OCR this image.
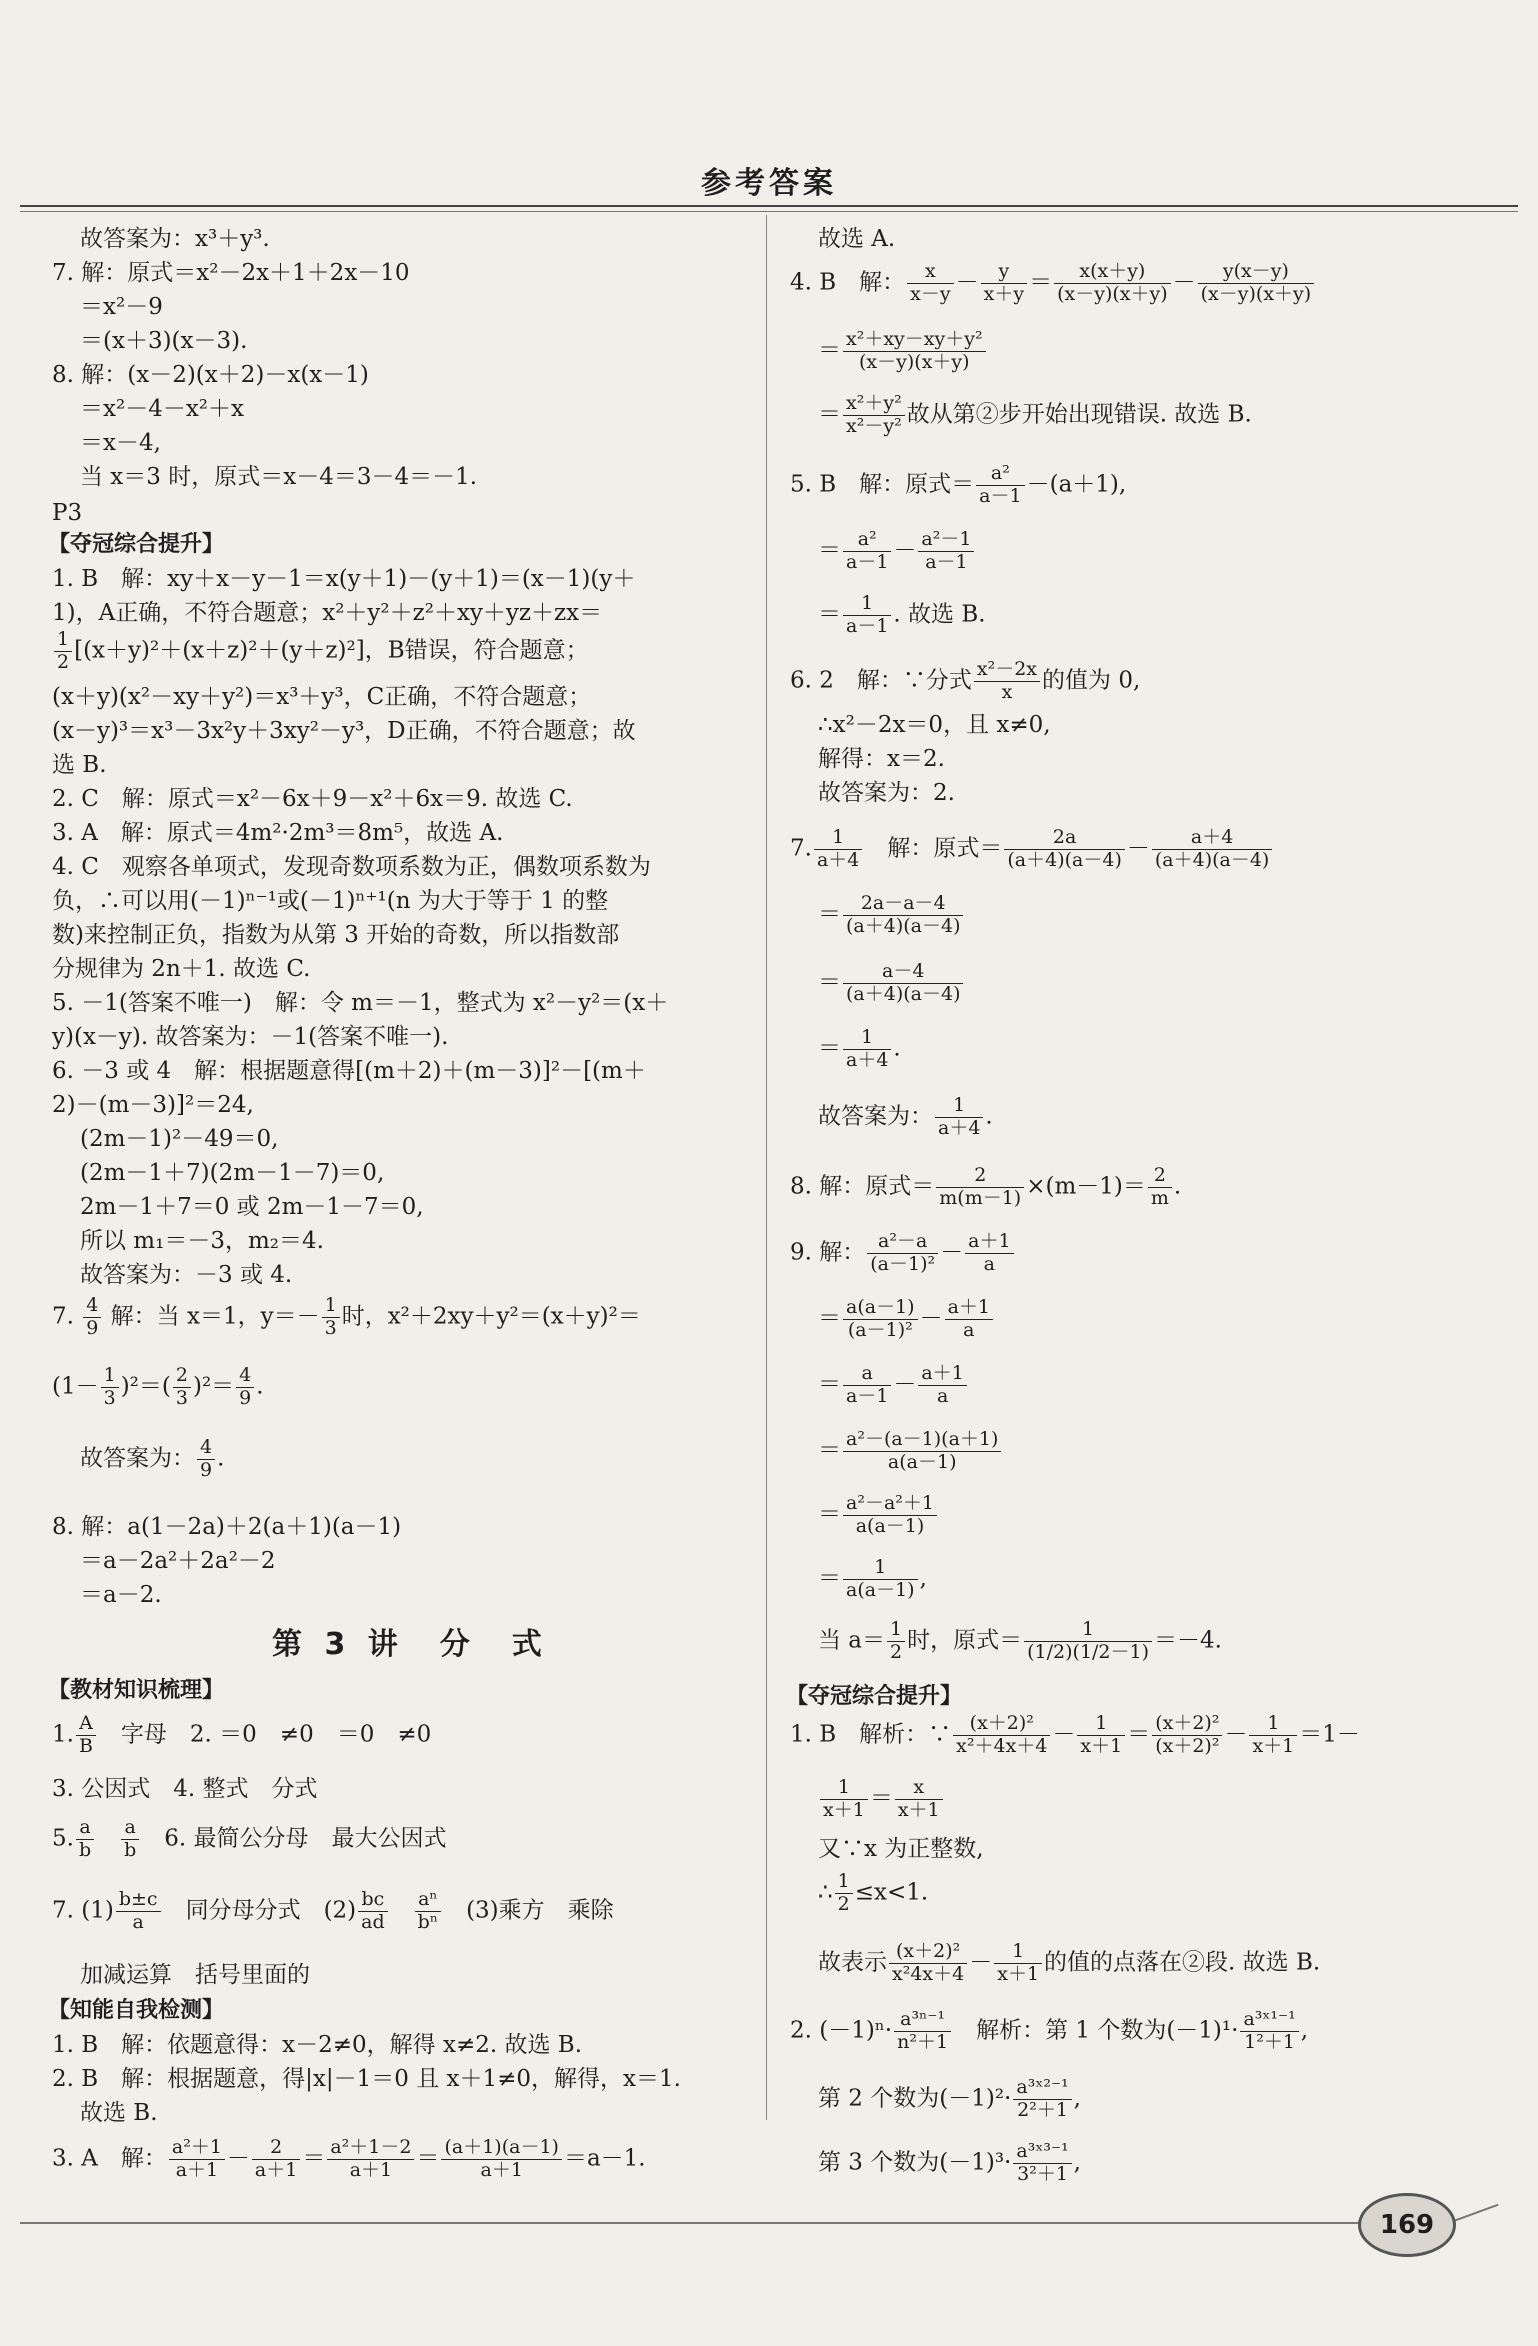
参考答案
故答案为：x³＋y³.
7. 解：原式＝x²－2x＋1＋2x－10
＝x²－9
＝(x＋3)(x－3).
8. 解：(x－2)(x＋2)－x(x－1)
＝x²－4－x²＋x
＝x－4,
当 x＝3 时，原式＝x－4＝3－4＝－1.
P3
【夺冠综合提升】
1. B　解：xy＋x－y－1＝x(y＋1)－(y＋1)＝(x－1)(y＋
1)，A正确，不符合题意；x²＋y²＋z²＋xy＋yz＋zx＝
$\frac{1}{2} [(x+y)^2+(x+z)^2+(y+z)^2]$，B错误，符合题意；
(x＋y)(x²－xy＋y²)＝x³＋y³，C正确，不符合题意；
(x－y)³＝x³－3x²y＋3xy²－y³，D正确，不符合题意；故
选 B.
2. C　解：原式＝x²－6x＋9－x²＋6x＝9. 故选 C.
3. A　解：原式＝4m²·2m³＝8m⁵，故选 A.
4. C　观察各单项式，发现奇数项系数为正，偶数项系数为
负，∴可以用(－1)ⁿ⁻¹或(－1)ⁿ⁺¹(n 为大于等于 1 的整
数)来控制正负，指数为从第 3 开始的奇数，所以指数部
分规律为 2n＋1. 故选 C.
5. －1(答案不唯一)　解：令 m＝－1，整式为 x²－y²＝(x＋
y)(x－y). 故答案为：－1(答案不唯一).
6. －3 或 4　解：根据题意得[(m＋2)＋(m－3)]²－[(m＋
2)－(m－3)]²＝24,
(2m－1)²－49＝0,
(2m－1＋7)(2m－1－7)＝0,
2m－1＋7＝0 或 2m－1－7＝0,
所以 m₁＝－3，m₂＝4.
故答案为：－3 或 4.
7. $\frac{4}{9}$ 解：当 x＝1，$y=- \frac{1}{3}$ 时，x²＋2xy＋y²＝(x＋y)²＝
$(1- \frac{1}{3} )^2=( \frac{2}{3} )^2= \frac{4}{9}$ .
故答案为： $\frac{4}{9}$ .
8. 解：a(1－2a)＋2(a＋1)(a－1)
＝a－2a²＋2a²－2
＝a－2.
第 3 讲　分　式
【教材知识梳理】
1. $\frac{A}{B}$
　 字母　2. ＝0　≠0　＝0　≠0
3. 公因式　4. 整式　分式
5. $\frac{a}{b}$
　 $\frac{a}{b}$
　 6. 最简公分母　最大公因式
7. $(1) \frac{b\pm c}{a}$
　 同分母分式　$(2) \frac{bc}{ad}$
　 $\frac{\text{aⁿ}}{\text{bⁿ}}$
　 (3)乘方　乘除
加减运算　括号里面的
【知能自我检测】
1. B　解：依题意得：x－2≠0，解得 x≠2. 故选 B.
2. B　解：根据题意，得|x|－1＝0 且 x＋1≠0，解得，x＝1.
故选 B.
3. A　解： $\frac{\text{a²＋1}}{a+1} - \frac{2}{a+1} = \frac{\text{a²＋1－2}}{a+1} = \frac{(a+1)(a-1)}{a+1} =a-1$.
故选 A.
4. B　解： $\frac{x}{x-y} - \frac{y}{x+y} = \frac{x(x+y)}{(x-y)(x+y)} - \frac{y(x-y)}{(x-y)(x+y)}$
＝ $\frac{\text{x²＋xy－xy＋y²}}{(x-y)(x+y)}$
＝ $\frac{\text{x²＋y²}}{\text{x²－y²}}$ 故从第②步开始出现错误. 故选 B.
5. B　解：原式＝ $\frac{\text{a²}}{a-1} -(a+1)$,
＝ $\frac{\text{a²}}{a-1} - \frac{\text{a²－1}}{a-1}$
＝ $\frac{1}{a-1}$ . 故选 B.
6. 2　解：∵分式 $\frac{\text{x²－2x}}{x}$ 的值为 0,
∴x²－2x＝0，且 x≠0,
解得：x＝2.
故答案为：2.
7. $\frac{1}{a+4}$
　 解：原式＝ $\frac{2a}{(a+4)(a-4)} - \frac{a+4}{(a+4)(a-4)}$
＝ $\frac{2a-a-4}{(a+4)(a-4)}$
＝ $\frac{a-4}{(a+4)(a-4)}$
＝ $\frac{1}{a+4}$ .
故答案为： $\frac{1}{a+4}$ .
8. 解：原式＝ $\frac{2}{m(m-1)} \times(m-1)= \frac{2}{m}$ .
9. 解： $\frac{\text{a²－a}}{\text{(a－1)²}} - \frac{a+1}{a}$
＝ $\frac{a(a-1)}{\text{(a－1)²}} - \frac{a+1}{a}$
＝ $\frac{a}{a-1} - \frac{a+1}{a}$
＝ $\frac{\text{a²－(a－1)(a＋1)}}{a(a-1)}$
＝ $\frac{\text{a²－a²＋1}}{a(a-1)}$
＝ $\frac{1}{a(a-1)}$ ,
当 $a= \frac{1}{2}$ 时，原式＝ $\frac{1}{(1/2)(1/2-1)} =-4$.
【夺冠综合提升】
1. B　解析：∵ $\frac{\text{(x＋2)²}}{\text{x²＋4x＋4}} - \frac{1}{x+1} = \frac{\text{(x＋2)²}}{\text{(x＋2)²}} - \frac{1}{x+1} =1-$
$\frac{1}{x+1} = \frac{x}{x+1}$
又∵x 为正整数,
∴ $\frac{1}{2} \le x<1$.
故表示 $\frac{\text{(x＋2)²}}{\text{x²4x＋4}} - \frac{1}{x+1}$ 的值的点落在②段. 故选 B.
2. $(-1)^n\cdot \frac{\text{a³ⁿ⁻¹}}{\text{n²＋1}}$
　 解析：第 1 个数为$(-1)^1\cdot \frac{\text{a³ˣ¹⁻¹}}{\text{1²＋1}}$ ,
第 2 个数为$(-1)^2\cdot \frac{\text{a³ˣ²⁻¹}}{\text{2²＋1}}$ ,
第 3 个数为$(-1)^3\cdot \frac{\text{a³ˣ³⁻¹}}{\text{3²＋1}}$ ,
169
